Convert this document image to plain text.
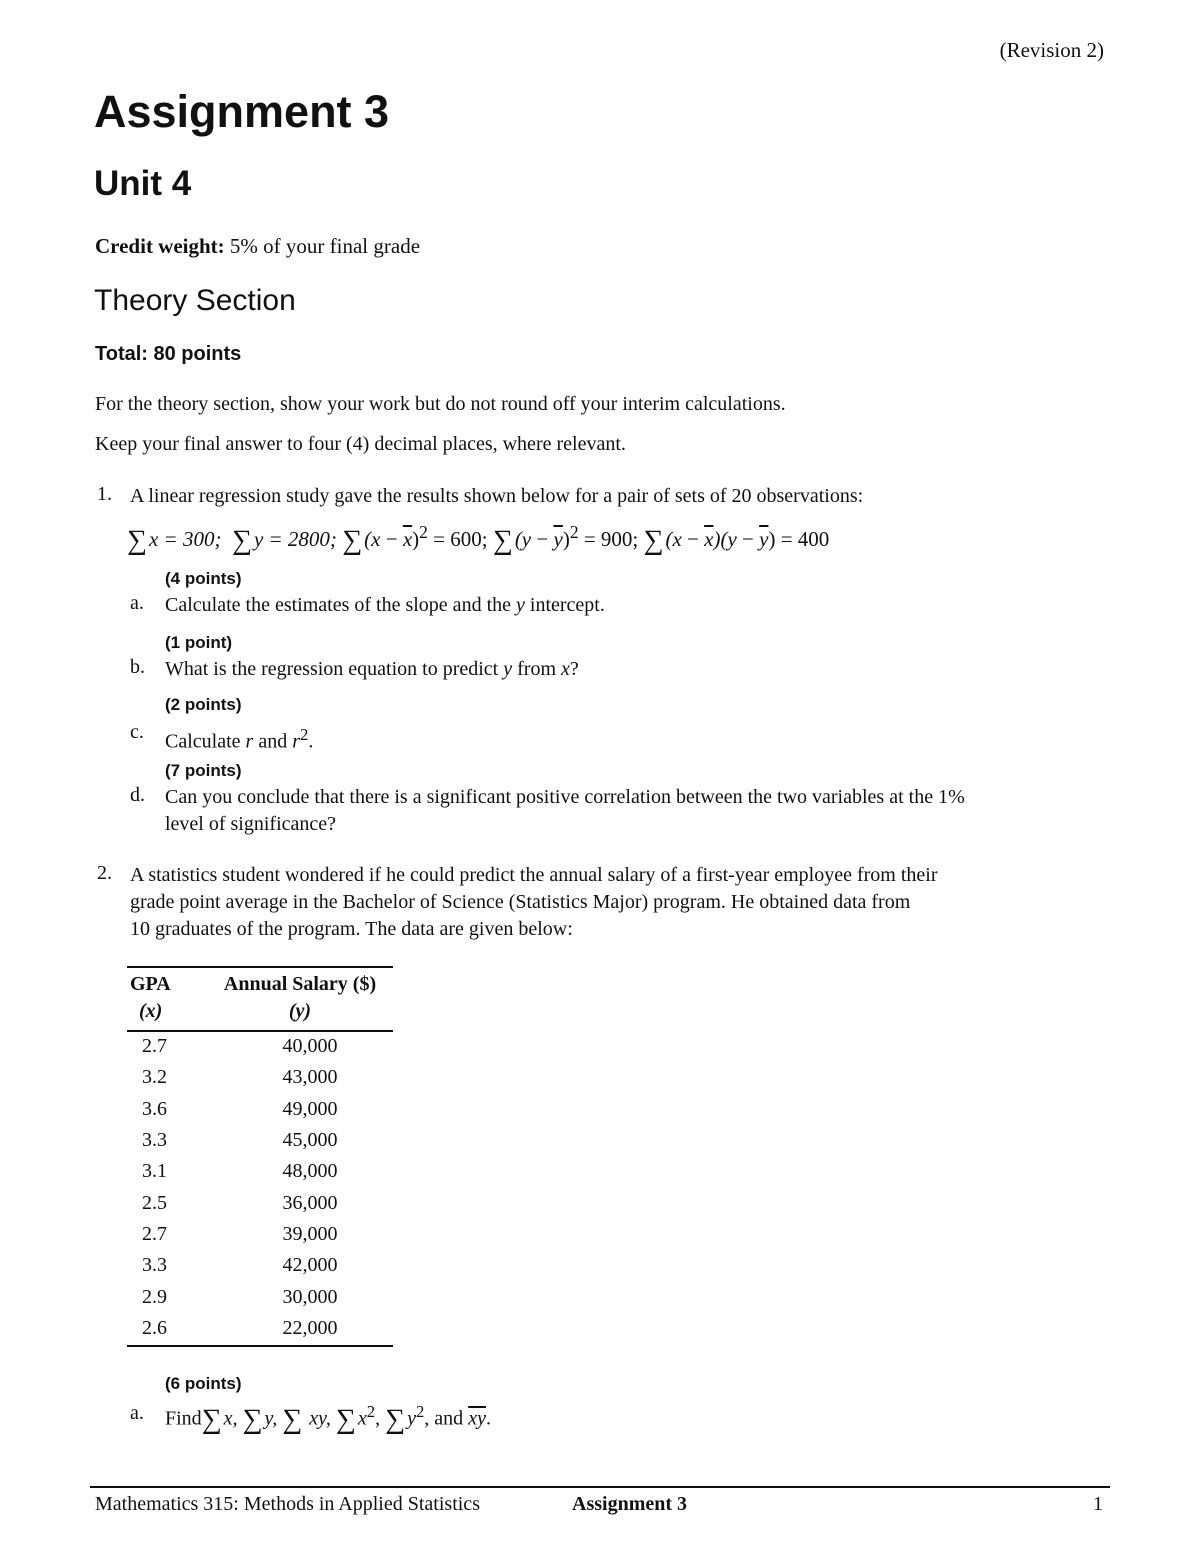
(Revision 2)
Assignment 3
Unit 4
Credit weight: 5% of your final grade
Theory Section
Total: 80 points
For the theory section, show your work but do not round off your interim calculations.
Keep your final answer to four (4) decimal places, where relevant.
1. A linear regression study gave the results shown below for a pair of sets of 20 observations:
∑x = 300; ∑y = 2800; $\sum(x - \overline{x})^2 = 600$; $\sum(y - \overline{y})^2 = 900$; $\sum(x - \overline{x})(y - \overline{y}) = 400$
(4 points)
a. Calculate the estimates of the slope and the y intercept.
(1 point)
b. What is the regression equation to predict y from x?
(2 points)
c. Calculate r and $r^2$.
(7 points)
d. Can you conclude that there is a significant positive correlation between the two variables at the 1%
level of significance?
2. A statistics student wondered if he could predict the annual salary of a first-year employee from their
grade point average in the Bachelor of Science (Statistics Major) program. He obtained data from
10 graduates of the program. The data are given below:
GPA	Annual Salary ($)
(x)	(y)
2.7	40,000
3.2	43,000
3.6	49,000
3.3	45,000
3.1	48,000
2.5	36,000
2.7	39,000
3.3	42,000
2.9	30,000
2.6	22,000
(6 points)
a. Find∑ x, ∑ y, ∑ xy, ∑ $x^2$, ∑ $y^2$, and $\overline{xy}$.
Mathematics 315: Methods in Applied Statistics	Assignment 3	1
